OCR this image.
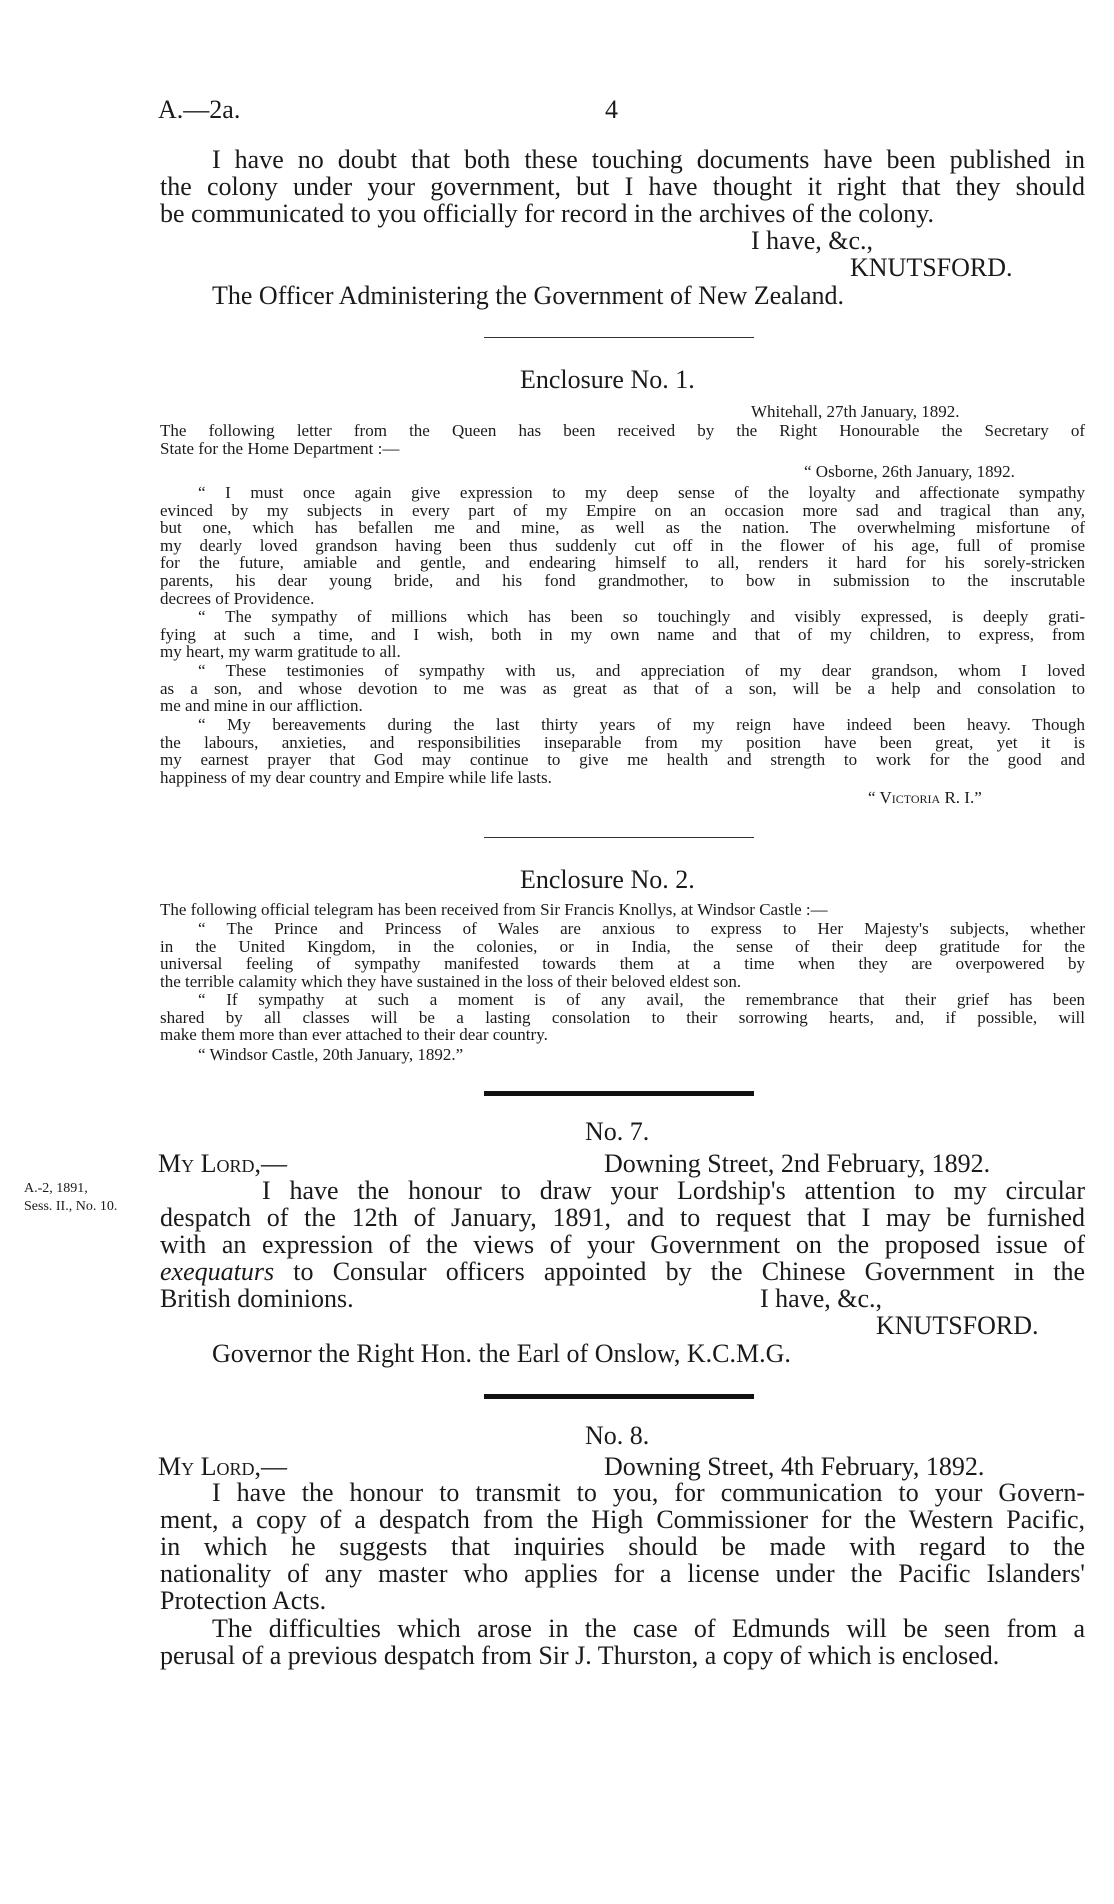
A.—2a.	4
I have no doubt that both these touching documents have been published in
the colony under your government, but I have thought it right that they should
be communicated to you officially for record in the archives of the colony.
I have, &c.,
KNUTSFORD.
The Officer Administering the Government of New Zealand.
Enclosure No. 1.
Whitehall, 27th January, 1892.
The following letter from the Queen has been received by the Right Honourable the Secretary of
State for the Home Department :—
“ Osborne, 26th January, 1892.
“ I must once again give expression to my deep sense of the loyalty and affectionate sympathy
evinced by my subjects in every part of my Empire on an occasion more sad and tragical than any,
but one, which has befallen me and mine, as well as the nation. The overwhelming misfortune of
my dearly loved grandson having been thus suddenly cut off in the flower of his age, full of promise
for the future, amiable and gentle, and endearing himself to all, renders it hard for his sorely-stricken
parents, his dear young bride, and his fond grandmother, to bow in submission to the inscrutable
decrees of Providence.
“ The sympathy of millions which has been so touchingly and visibly expressed, is deeply grati-
fying at such a time, and I wish, both in my own name and that of my children, to express, from
my heart, my warm gratitude to all.
“ These testimonies of sympathy with us, and appreciation of my dear grandson, whom I loved
as a son, and whose devotion to me was as great as that of a son, will be a help and consolation to
me and mine in our affliction.
“ My bereavements during the last thirty years of my reign have indeed been heavy. Though
the labours, anxieties, and responsibilities inseparable from my position have been great, yet it is
my earnest prayer that God may continue to give me health and strength to work for the good and
happiness of my dear country and Empire while life lasts.
“ Victoria R. I.”
Enclosure No. 2.
The following official telegram has been received from Sir Francis Knollys, at Windsor Castle :—
“ The Prince and Princess of Wales are anxious to express to Her Majesty's subjects, whether
in the United Kingdom, in the colonies, or in India, the sense of their deep gratitude for the
universal feeling of sympathy manifested towards them at a time when they are overpowered by
the terrible calamity which they have sustained in the loss of their beloved eldest son.
“ If sympathy at such a moment is of any avail, the remembrance that their grief has been
shared by all classes will be a lasting consolation to their sorrowing hearts, and, if possible, will
make them more than ever attached to their dear country.
“ Windsor Castle, 20th January, 1892.”
No. 7.
My Lord,—	Downing Street, 2nd February, 1892.
A.-2, 1891,
Sess. II., No. 10.
I have the honour to draw your Lordship's attention to my circular
despatch of the 12th of January, 1891, and to request that I may be furnished
with an expression of the views of your Government on the proposed issue of
exequaturs to Consular officers appointed by the Chinese Government in the
British dominions.	I have, &c.,
KNUTSFORD.
Governor the Right Hon. the Earl of Onslow, K.C.M.G.
No. 8.
My Lord,—	Downing Street, 4th February, 1892.
I have the honour to transmit to you, for communication to your Govern-
ment, a copy of a despatch from the High Commissioner for the Western Pacific,
in which he suggests that inquiries should be made with regard to the
nationality of any master who applies for a license under the Pacific Islanders'
Protection Acts.
The difficulties which arose in the case of Edmunds will be seen from a
perusal of a previous despatch from Sir J. Thurston, a copy of which is enclosed.
